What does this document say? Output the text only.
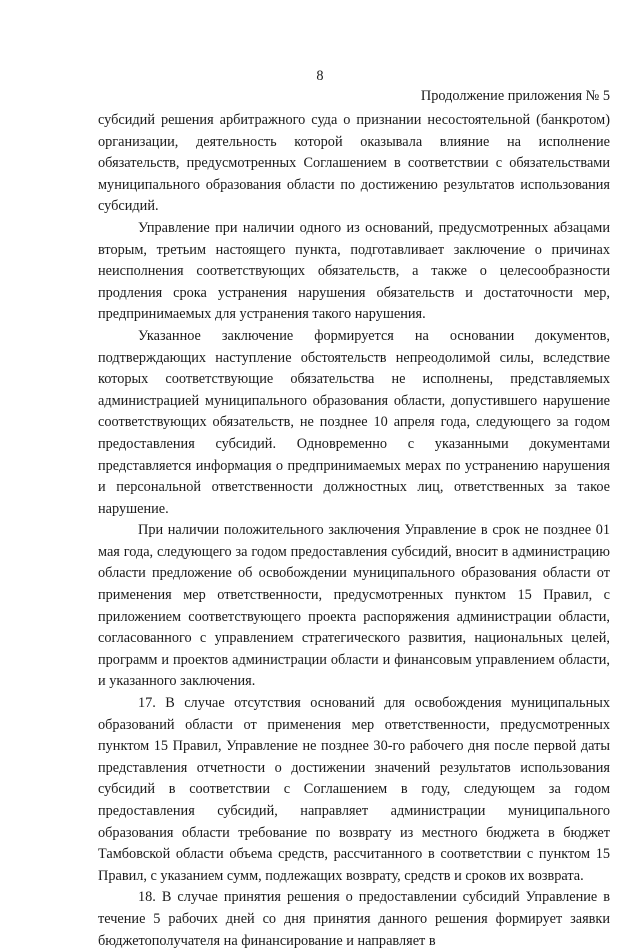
8
Продолжение приложения № 5

субсидий решения арбитражного суда о признании несостоятельной (банкротом) организации, деятельность которой оказывала влияние на исполнение обязательств, предусмотренных Соглашением в соответствии с обязательствами муниципального образования области по достижению результатов использования субсидий.

Управление при наличии одного из оснований, предусмотренных абзацами вторым, третьим настоящего пункта, подготавливает заключение о причинах неисполнения соответствующих обязательств, а также о целесообразности продления срока устранения нарушения обязательств и достаточности мер, предпринимаемых для устранения такого нарушения.

Указанное заключение формируется на основании документов, подтверждающих наступление обстоятельств непреодолимой силы, вследствие которых соответствующие обязательства не исполнены, представляемых администрацией муниципального образования области, допустившего нарушение соответствующих обязательств, не позднее 10 апреля года, следующего за годом предоставления субсидий. Одновременно с указанными документами представляется информация о предпринимаемых мерах по устранению нарушения и персональной ответственности должностных лиц, ответственных за такое нарушение.

При наличии положительного заключения Управление в срок не позднее 01 мая года, следующего за годом предоставления субсидий, вносит в администрацию области предложение об освобождении муниципального образования области от применения мер ответственности, предусмотренных пунктом 15 Правил, с приложением соответствующего проекта распоряжения администрации области, согласованного с управлением стратегического развития, национальных целей, программ и проектов администрации области и финансовым управлением области, и указанного заключения.

17. В случае отсутствия оснований для освобождения муниципальных образований области от применения мер ответственности, предусмотренных пунктом 15 Правил, Управление не позднее 30-го рабочего дня после первой даты представления отчетности о достижении значений результатов использования субсидий в соответствии с Соглашением в году, следующем за годом предоставления субсидий, направляет администрации муниципального образования области требование по возврату из местного бюджета в бюджет Тамбовской области объема средств, рассчитанного в соответствии с пунктом 15 Правил, с указанием сумм, подлежащих возврату, средств и сроков их возврата.

18. В случае принятия решения о предоставлении субсидий Управление в течение 5 рабочих дней со дня принятия данного решения формирует заявки бюджетополучателя на финансирование и направляет в
